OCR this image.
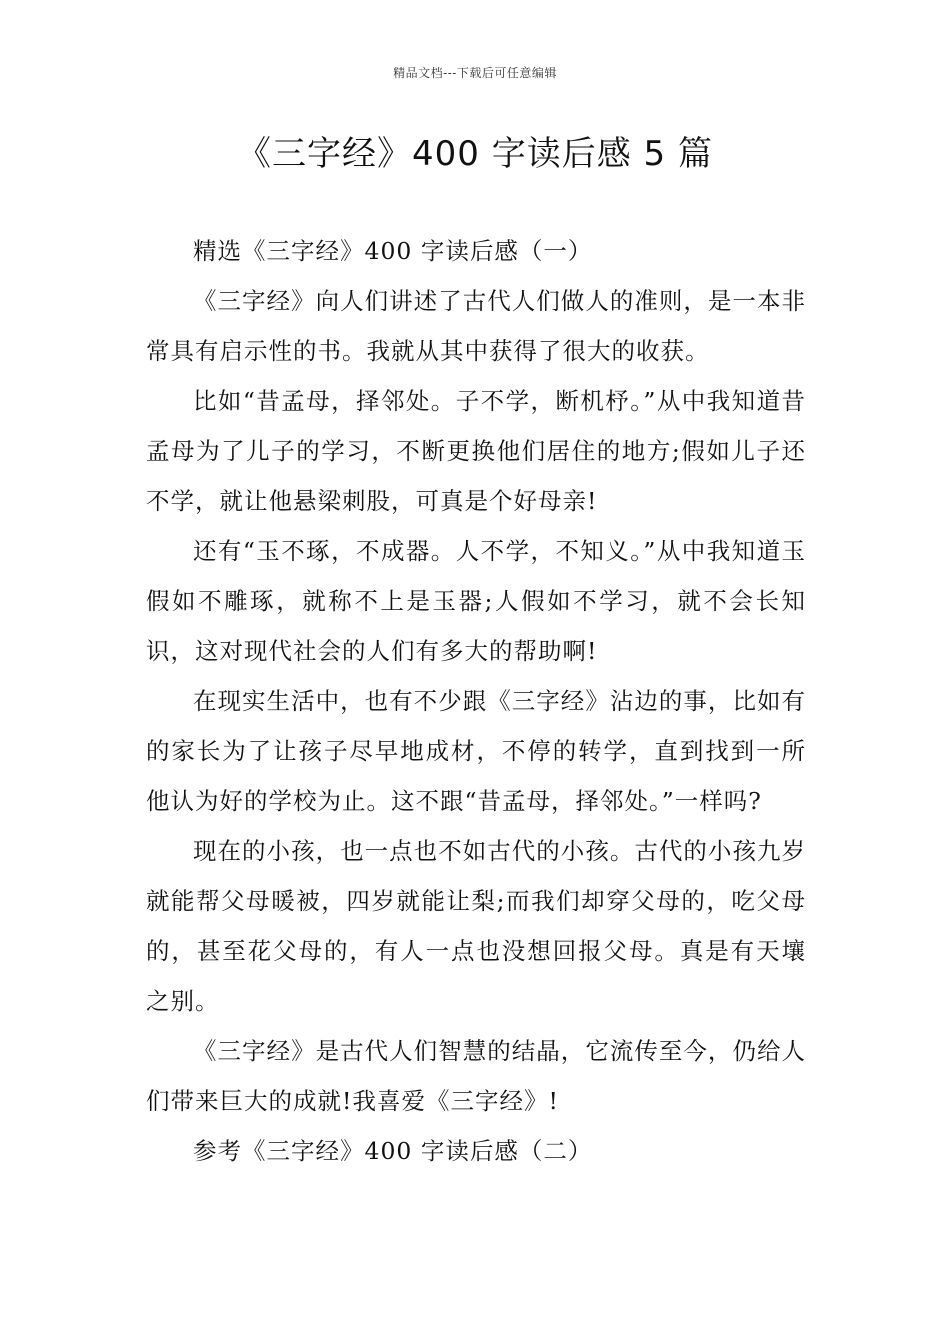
精品文档---下载后可任意编辑
《三字经》400 字读后感 5 篇

精选《三字经》400 字读后感（一）

《三字经》向人们讲述了古代人们做人的准则，是一本非常具有启示性的书。我就从其中获得了很大的收获。

比如“昔孟母，择邻处。子不学，断机杼。”从中我知道昔孟母为了儿子的学习，不断更换他们居住的地方;假如儿子还不学，就让他悬梁刺股，可真是个好母亲!

还有“玉不琢，不成器。人不学，不知义。”从中我知道玉假如不雕琢，就称不上是玉器;人假如不学习，就不会长知识，这对现代社会的人们有多大的帮助啊!

在现实生活中，也有不少跟《三字经》沾边的事，比如有的家长为了让孩子尽早地成材，不停的转学，直到找到一所他认为好的学校为止。这不跟“昔孟母，择邻处。”一样吗?

现在的小孩，也一点也不如古代的小孩。古代的小孩九岁就能帮父母暖被，四岁就能让梨;而我们却穿父母的，吃父母的，甚至花父母的，有人一点也没想回报父母。真是有天壤之别。

《三字经》是古代人们智慧的结晶，它流传至今，仍给人们带来巨大的成就!我喜爱《三字经》!

参考《三字经》400 字读后感（二）
